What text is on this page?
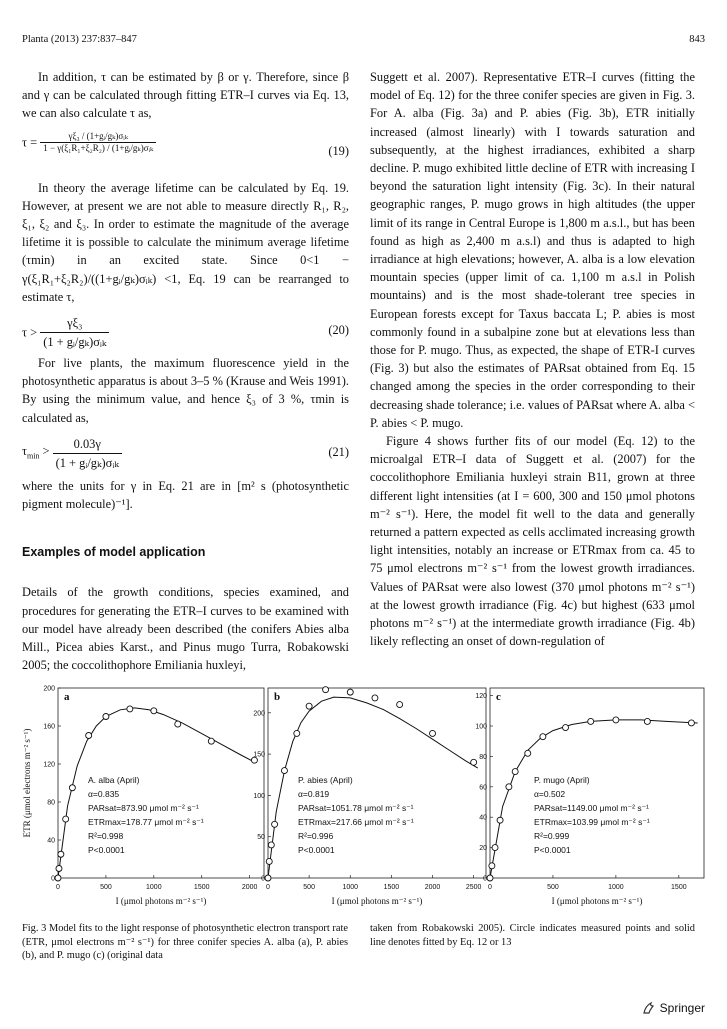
Planta (2013) 237:837–847	843

In addition, τ can be estimated by β or γ. Therefore, since β and γ can be calculated through fitting ETR–I curves via Eq. 13, we can also calculate τ as,

$\tau = \frac{\text{γξ₃ / (1+gᵢ/gₖ)σᵢₖ}}{\text{1 − γ(ξ₁R₁+ξ₂R₂) / (1+gᵢ/gₖ)σᵢₖ}}$	(19)

In theory the average lifetime can be calculated by Eq. 19. However, at present we are not able to measure directly R₁, R₂, ξ₁, ξ₂ and ξ₃. In order to estimate the magnitude of the average lifetime it is possible to calculate the minimum average lifetime (τmin) in an excited state. Since 0<1 − γ(ξ₁R₁+ξ₂R₂)/((1+gᵢ/gₖ)σᵢₖ) <1, Eq. 19 can be rearranged to estimate τ,

$\tau > \frac{\text{γξ₃}}{\text{(1 + gᵢ/gₖ)σᵢₖ}}$	(20)

For live plants, the maximum fluorescence yield in the photosynthetic apparatus is about 3–5 % (Krause and Weis 1991). By using the minimum value, and hence ξ₃ of 3 %, τmin is calculated as,

$\tau_{min} > \frac{0.03\gamma}{\text{(1 + gᵢ/gₖ)σᵢₖ}}$	(21)

where the units for γ in Eq. 21 are in [m² s (photosynthetic pigment molecule)⁻¹].

Examples of model application

Details of the growth conditions, species examined, and procedures for generating the ETR–I curves to be examined with our model have already been described (the conifers Abies alba Mill., Picea abies Karst., and Pinus mugo Turra, Robakowski 2005; the coccolithophore Emiliania huxleyi,

Suggett et al. 2007). Representative ETR–I curves (fitting the model of Eq. 12) for the three conifer species are given in Fig. 3. For A. alba (Fig. 3a) and P. abies (Fig. 3b), ETR initially increased (almost linearly) with I towards saturation and subsequently, at the highest irradiances, exhibited a sharp decline. P. mugo exhibited little decline of ETR with increasing I beyond the saturation light intensity (Fig. 3c). In their natural geographic ranges, P. mugo grows in high altitudes (the upper limit of its range in Central Europe is 1,800 m a.s.l., but has been found as high as 2,400 m a.s.l) and thus is adapted to high irradiance at high elevations; however, A. alba is a low elevation mountain species (upper limit of ca. 1,100 m a.s.l in Polish mountains) and is the most shade-tolerant tree species in European forests except for Taxus baccata L; P. abies is most commonly found in a subalpine zone but at elevations less than those for P. mugo. Thus, as expected, the shape of ETR-I curves (Fig. 3) but also the estimates of PARsat obtained from Eq. 15 changed among the species in the order corresponding to their decreasing shade tolerance; i.e. values of PARsat where A. alba < P. abies < P. mugo.

Figure 4 shows further fits of our model (Eq. 12) to the microalgal ETR–I data of Suggett et al. (2007) for the coccolithophore Emiliania huxleyi strain B11, grown at three different light intensities (at I = 600, 300 and 150 μmol photons m⁻² s⁻¹). Here, the model fit well to the data and generally returned a pattern expected as cells acclimated increasing growth light intensities, notably an increase or ETRmax from ca. 45 to 75 μmol electrons m⁻² s⁻¹ from the lowest growth irradiances. Values of PARsat were also lowest (370 μmol photons m⁻² s⁻¹) at the lowest growth irradiance (Fig. 4c) but highest (633 μmol photons m⁻² s⁻¹) at the intermediate growth irradiance (Fig. 4b) likely reflecting an onset of down-regulation of

0	500	1000	1500	2000
0
40
80
120
160
200
a
A. alba (April)
α=0.835
PARsat=873.90 μmol m⁻² s⁻¹
ETRmax=178.77 μmol m⁻² s⁻¹
R²=0.998
P<0.0001
I (μmol photons m⁻² s⁻¹)
0	500	1000	1500	2000	2500
0
50
100
150
200
b
P. abies (April)
α=0.819
PARsat=1051.78 μmol m⁻² s⁻¹
ETRmax=217.66 μmol m⁻² s⁻¹
R²=0.996
P<0.0001
I (μmol photons m⁻² s⁻¹)
0	500	1000	1500
0
20
40
60
80
100
120 c
P. mugo (April)
α=0.502
PARsat=1149.00 μmol m⁻² s⁻¹
ETRmax=103.99 μmol m⁻² s⁻¹
R²=0.999
P<0.0001
I (μmol photons m⁻² s⁻¹)
ETR (μmol electrons m⁻² s⁻¹)
Fig. 3 Model fits to the light response of photosynthetic electron transport rate (ETR, μmol electrons m⁻² s⁻¹) for three conifer species A. alba (a), P. abies (b), and P. mugo (c) (original data
taken from Robakowski 2005). Circle indicates measured points and solid line denotes fitted by Eq. 12 or 13
Springer
